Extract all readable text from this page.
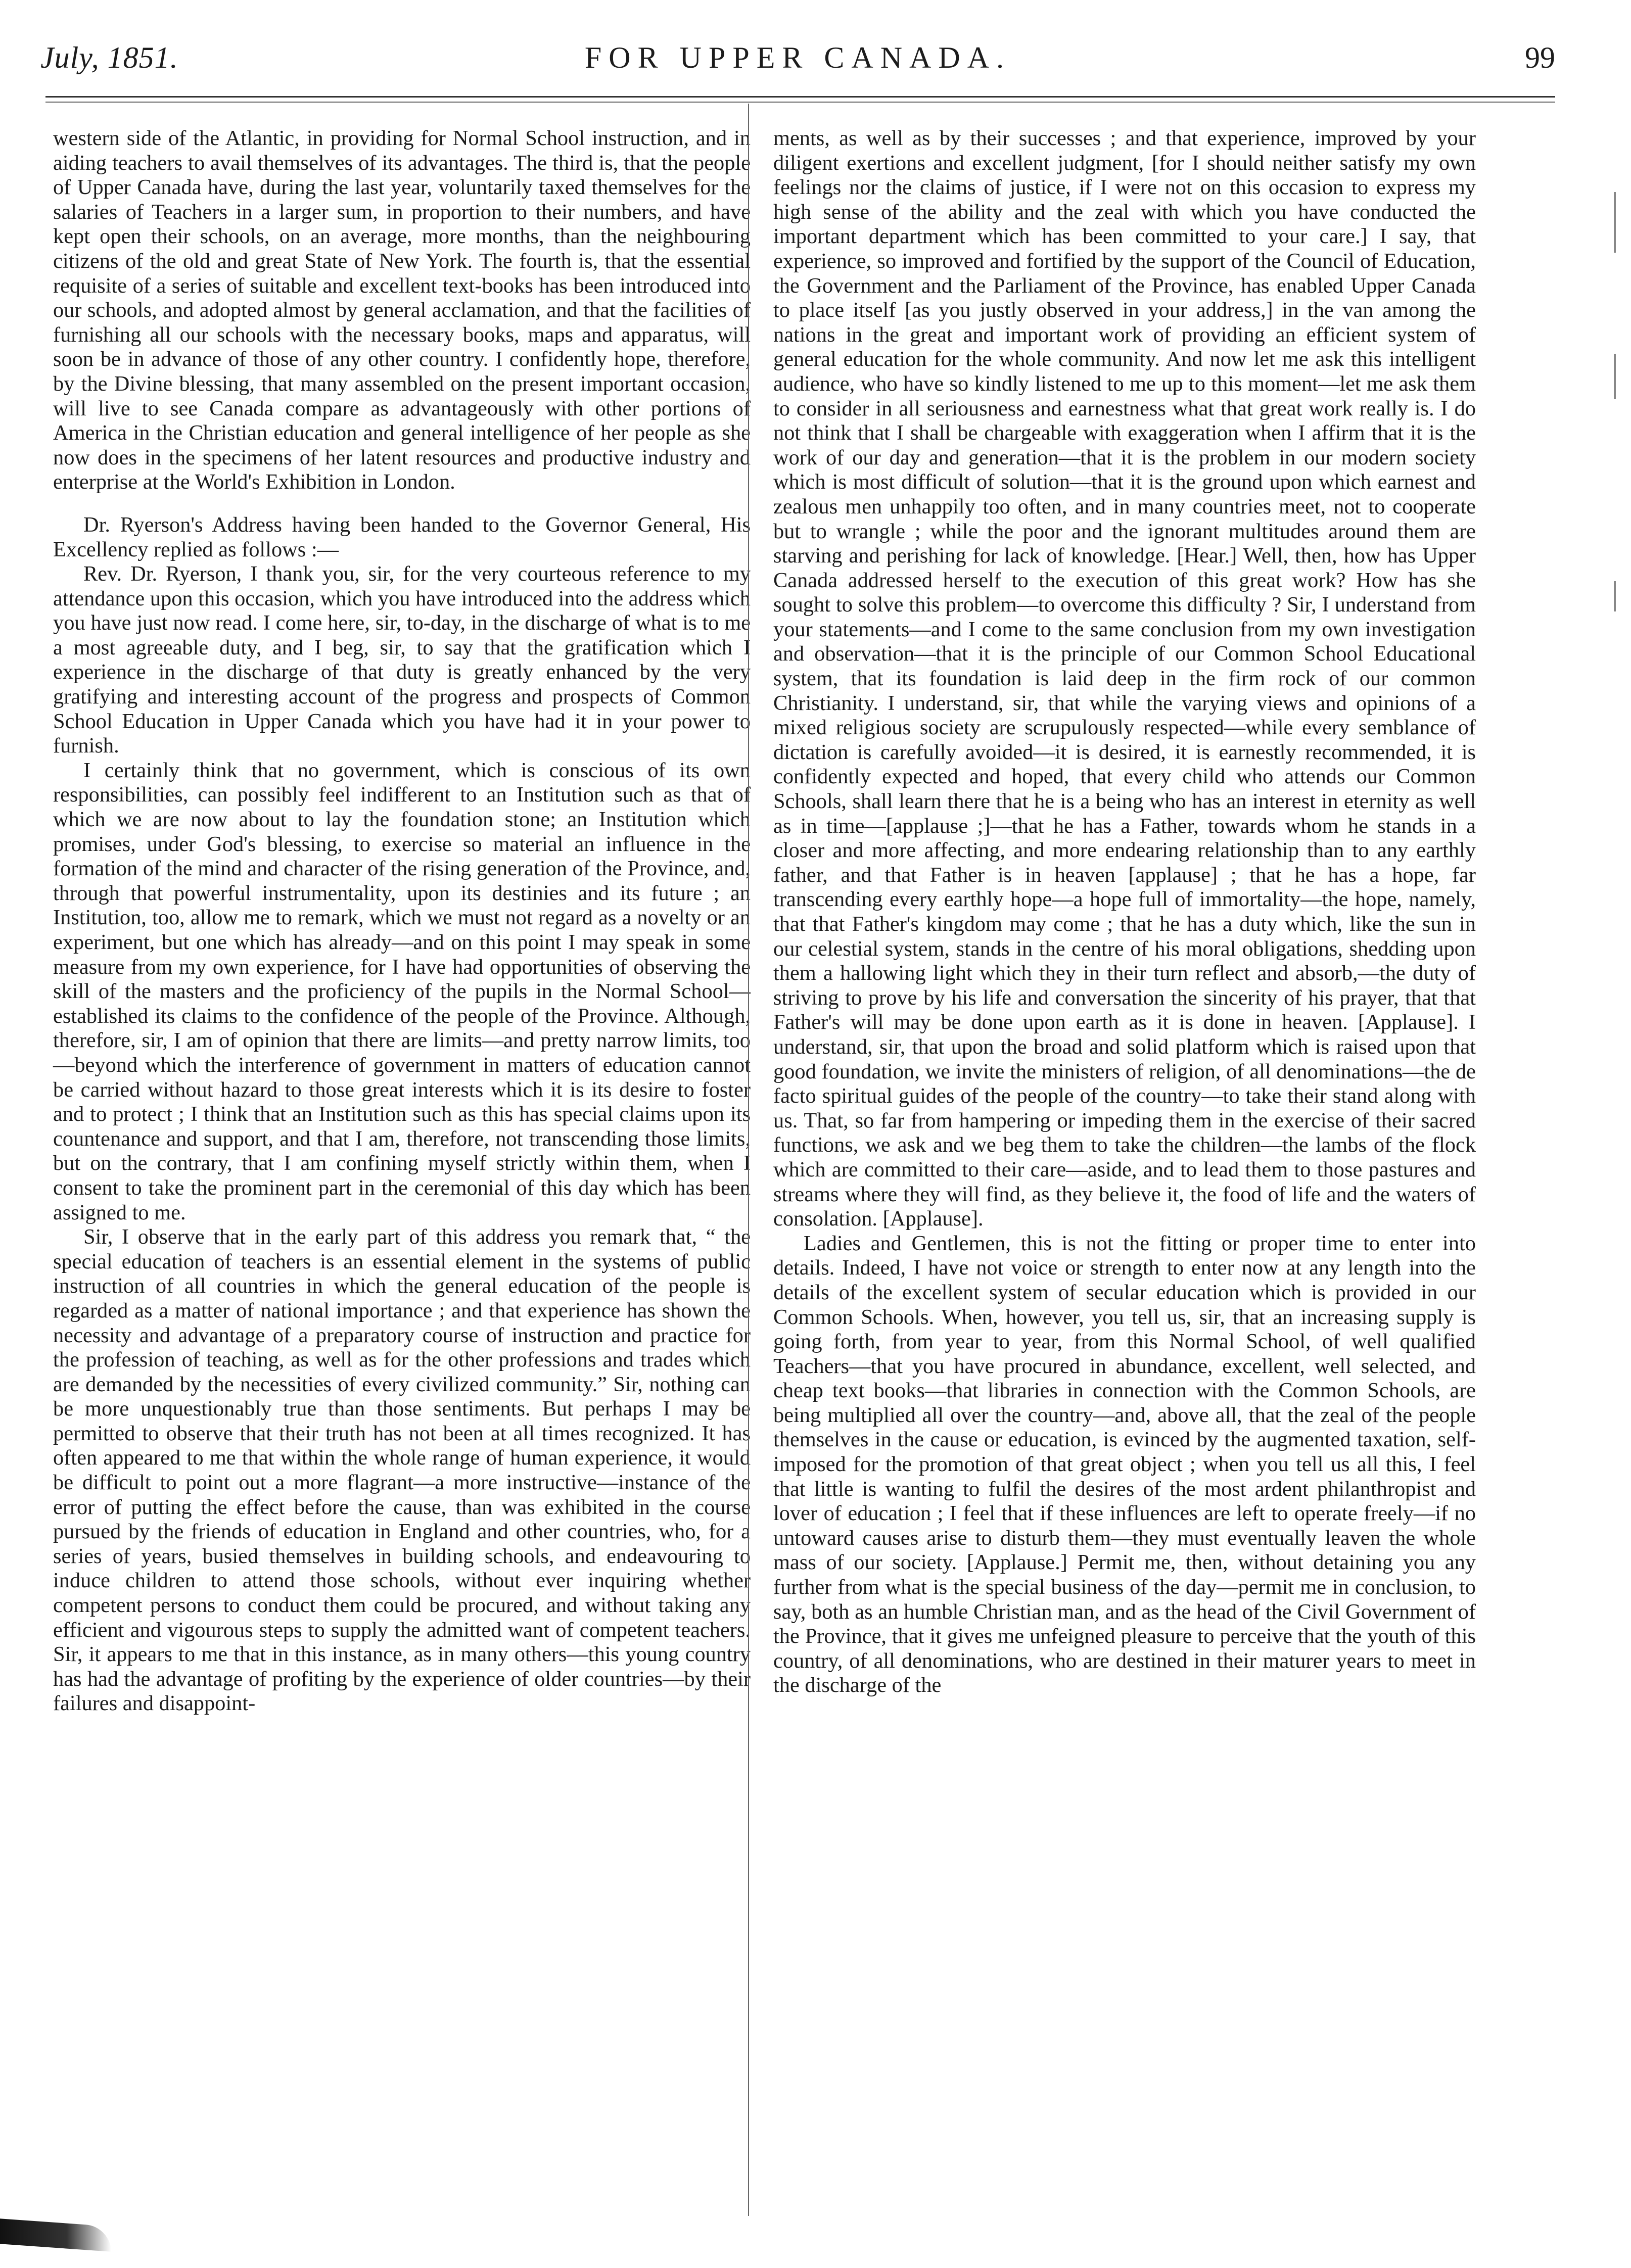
July, 1851.	FOR UPPER CANADA.	99

western side of the Atlantic, in providing for Normal School instruction, and in aiding teachers to avail themselves of its advantages. The third is, that the people of Upper Canada have, during the last year, voluntarily taxed themselves for the salaries of Teachers in a larger sum, in proportion to their numbers, and have kept open their schools, on an average, more months, than the neighbouring citizens of the old and great State of New York. The fourth is, that the essential requisite of a series of suitable and excellent text-books has been introduced into our schools, and adopted almost by general acclamation, and that the facilities of furnishing all our schools with the necessary books, maps and apparatus, will soon be in advance of those of any other country. I confidently hope, therefore, by the Divine blessing, that many assembled on the present important occasion, will live to see Canada compare as advantageously with other portions of America in the Christian education and general intelligence of her people as she now does in the specimens of her latent resources and productive industry and enterprise at the World's Exhibition in London.

Dr. Ryerson's Address having been handed to the Governor General, His Excellency replied as follows :—

Rev. Dr. Ryerson, I thank you, sir, for the very courteous reference to my attendance upon this occasion, which you have introduced into the address which you have just now read. I come here, sir, to-day, in the discharge of what is to me a most agreeable duty, and I beg, sir, to say that the gratification which I experience in the discharge of that duty is greatly enhanced by the very gratifying and interesting account of the progress and prospects of Common School Education in Upper Canada which you have had it in your power to furnish.

I certainly think that no government, which is conscious of its own responsibilities, can possibly feel indifferent to an Institution such as that of which we are now about to lay the foundation stone; an Institution which promises, under God's blessing, to exercise so material an influence in the formation of the mind and character of the rising generation of the Province, and, through that powerful instrumentality, upon its destinies and its future ; an Institution, too, allow me to remark, which we must not regard as a novelty or an experiment, but one which has already—and on this point I may speak in some measure from my own experience, for I have had opportunities of observing the skill of the masters and the proficiency of the pupils in the Normal School—established its claims to the confidence of the people of the Province. Although, therefore, sir, I am of opinion that there are limits—and pretty narrow limits, too —beyond which the interference of government in matters of education cannot be carried without hazard to those great interests which it is its desire to foster and to protect ; I think that an Institution such as this has special claims upon its countenance and support, and that I am, therefore, not transcending those limits, but on the contrary, that I am confining myself strictly within them, when I consent to take the prominent part in the ceremonial of this day which has been assigned to me.

Sir, I observe that in the early part of this address you remark that, “ the special education of teachers is an essential element in the systems of public instruction of all countries in which the general education of the people is regarded as a matter of national importance ; and that experience has shown the necessity and advantage of a preparatory course of instruction and practice for the profession of teaching, as well as for the other professions and trades which are demanded by the necessities of every civilized community.” Sir, nothing can be more unquestionably true than those sentiments. But perhaps I may be permitted to observe that their truth has not been at all times recognized. It has often appeared to me that within the whole range of human experience, it would be difficult to point out a more flagrant—a more instructive—instance of the error of putting the effect before the cause, than was exhibited in the course pursued by the friends of education in England and other countries, who, for a series of years, busied themselves in building schools, and endeavouring to induce children to attend those schools, without ever inquiring whether competent persons to conduct them could be procured, and without taking any efficient and vigourous steps to supply the admitted want of competent teachers. Sir, it appears to me that in this instance, as in many others—this young country has had the advantage of profiting by the experience of older countries—by their failures and disappoint-

ments, as well as by their successes ; and that experience, improved by your diligent exertions and excellent judgment, [for I should neither satisfy my own feelings nor the claims of justice, if I were not on this occasion to express my high sense of the ability and the zeal with which you have conducted the important department which has been committed to your care.] I say, that experience, so improved and fortified by the support of the Council of Education, the Government and the Parliament of the Province, has enabled Upper Canada to place itself [as you justly observed in your address,] in the van among the nations in the great and important work of providing an efficient system of general education for the whole community. And now let me ask this intelligent audience, who have so kindly listened to me up to this moment—let me ask them to consider in all seriousness and earnestness what that great work really is. I do not think that I shall be chargeable with exaggeration when I affirm that it is the work of our day and generation—that it is the problem in our modern society which is most difficult of solution—that it is the ground upon which earnest and zealous men unhappily too often, and in many countries meet, not to cooperate but to wrangle ; while the poor and the ignorant multitudes around them are starving and perishing for lack of knowledge. [Hear.] Well, then, how has Upper Canada addressed herself to the execution of this great work? How has she sought to solve this problem—to overcome this difficulty ? Sir, I understand from your statements—and I come to the same conclusion from my own investigation and observation—that it is the principle of our Common School Educational system, that its foundation is laid deep in the firm rock of our common Christianity. I understand, sir, that while the varying views and opinions of a mixed religious society are scrupulously respected—while every semblance of dictation is carefully avoided—it is desired, it is earnestly recommended, it is confidently expected and hoped, that every child who attends our Common Schools, shall learn there that he is a being who has an interest in eternity as well as in time—[applause ;]—that he has a Father, towards whom he stands in a closer and more affecting, and more endearing relationship than to any earthly father, and that Father is in heaven [applause] ; that he has a hope, far transcending every earthly hope—a hope full of immortality—the hope, namely, that that Father's kingdom may come ; that he has a duty which, like the sun in our celestial system, stands in the centre of his moral obligations, shedding upon them a hallowing light which they in their turn reflect and absorb,—the duty of striving to prove by his life and conversation the sincerity of his prayer, that that Father's will may be done upon earth as it is done in heaven. [Applause]. I understand, sir, that upon the broad and solid platform which is raised upon that good foundation, we invite the ministers of religion, of all denominations—the de facto spiritual guides of the people of the country—to take their stand along with us. That, so far from hampering or impeding them in the exercise of their sacred functions, we ask and we beg them to take the children—the lambs of the flock which are committed to their care—aside, and to lead them to those pastures and streams where they will find, as they believe it, the food of life and the waters of consolation. [Applause].

Ladies and Gentlemen, this is not the fitting or proper time to enter into details. Indeed, I have not voice or strength to enter now at any length into the details of the excellent system of secular education which is provided in our Common Schools. When, however, you tell us, sir, that an increasing supply is going forth, from year to year, from this Normal School, of well qualified Teachers—that you have procured in abundance, excellent, well selected, and cheap text books—that libraries in connection with the Common Schools, are being multiplied all over the country—and, above all, that the zeal of the people themselves in the cause or education, is evinced by the augmented taxation, self-imposed for the promotion of that great object ; when you tell us all this, I feel that little is wanting to fulfil the desires of the most ardent philanthropist and lover of education ; I feel that if these influences are left to operate freely—if no untoward causes arise to disturb them—they must eventually leaven the whole mass of our society. [Applause.] Permit me, then, without detaining you any further from what is the special business of the day—permit me in conclusion, to say, both as an humble Christian man, and as the head of the Civil Government of the Province, that it gives me unfeigned pleasure to perceive that the youth of this country, of all denominations, who are destined in their maturer years to meet in the discharge of the
